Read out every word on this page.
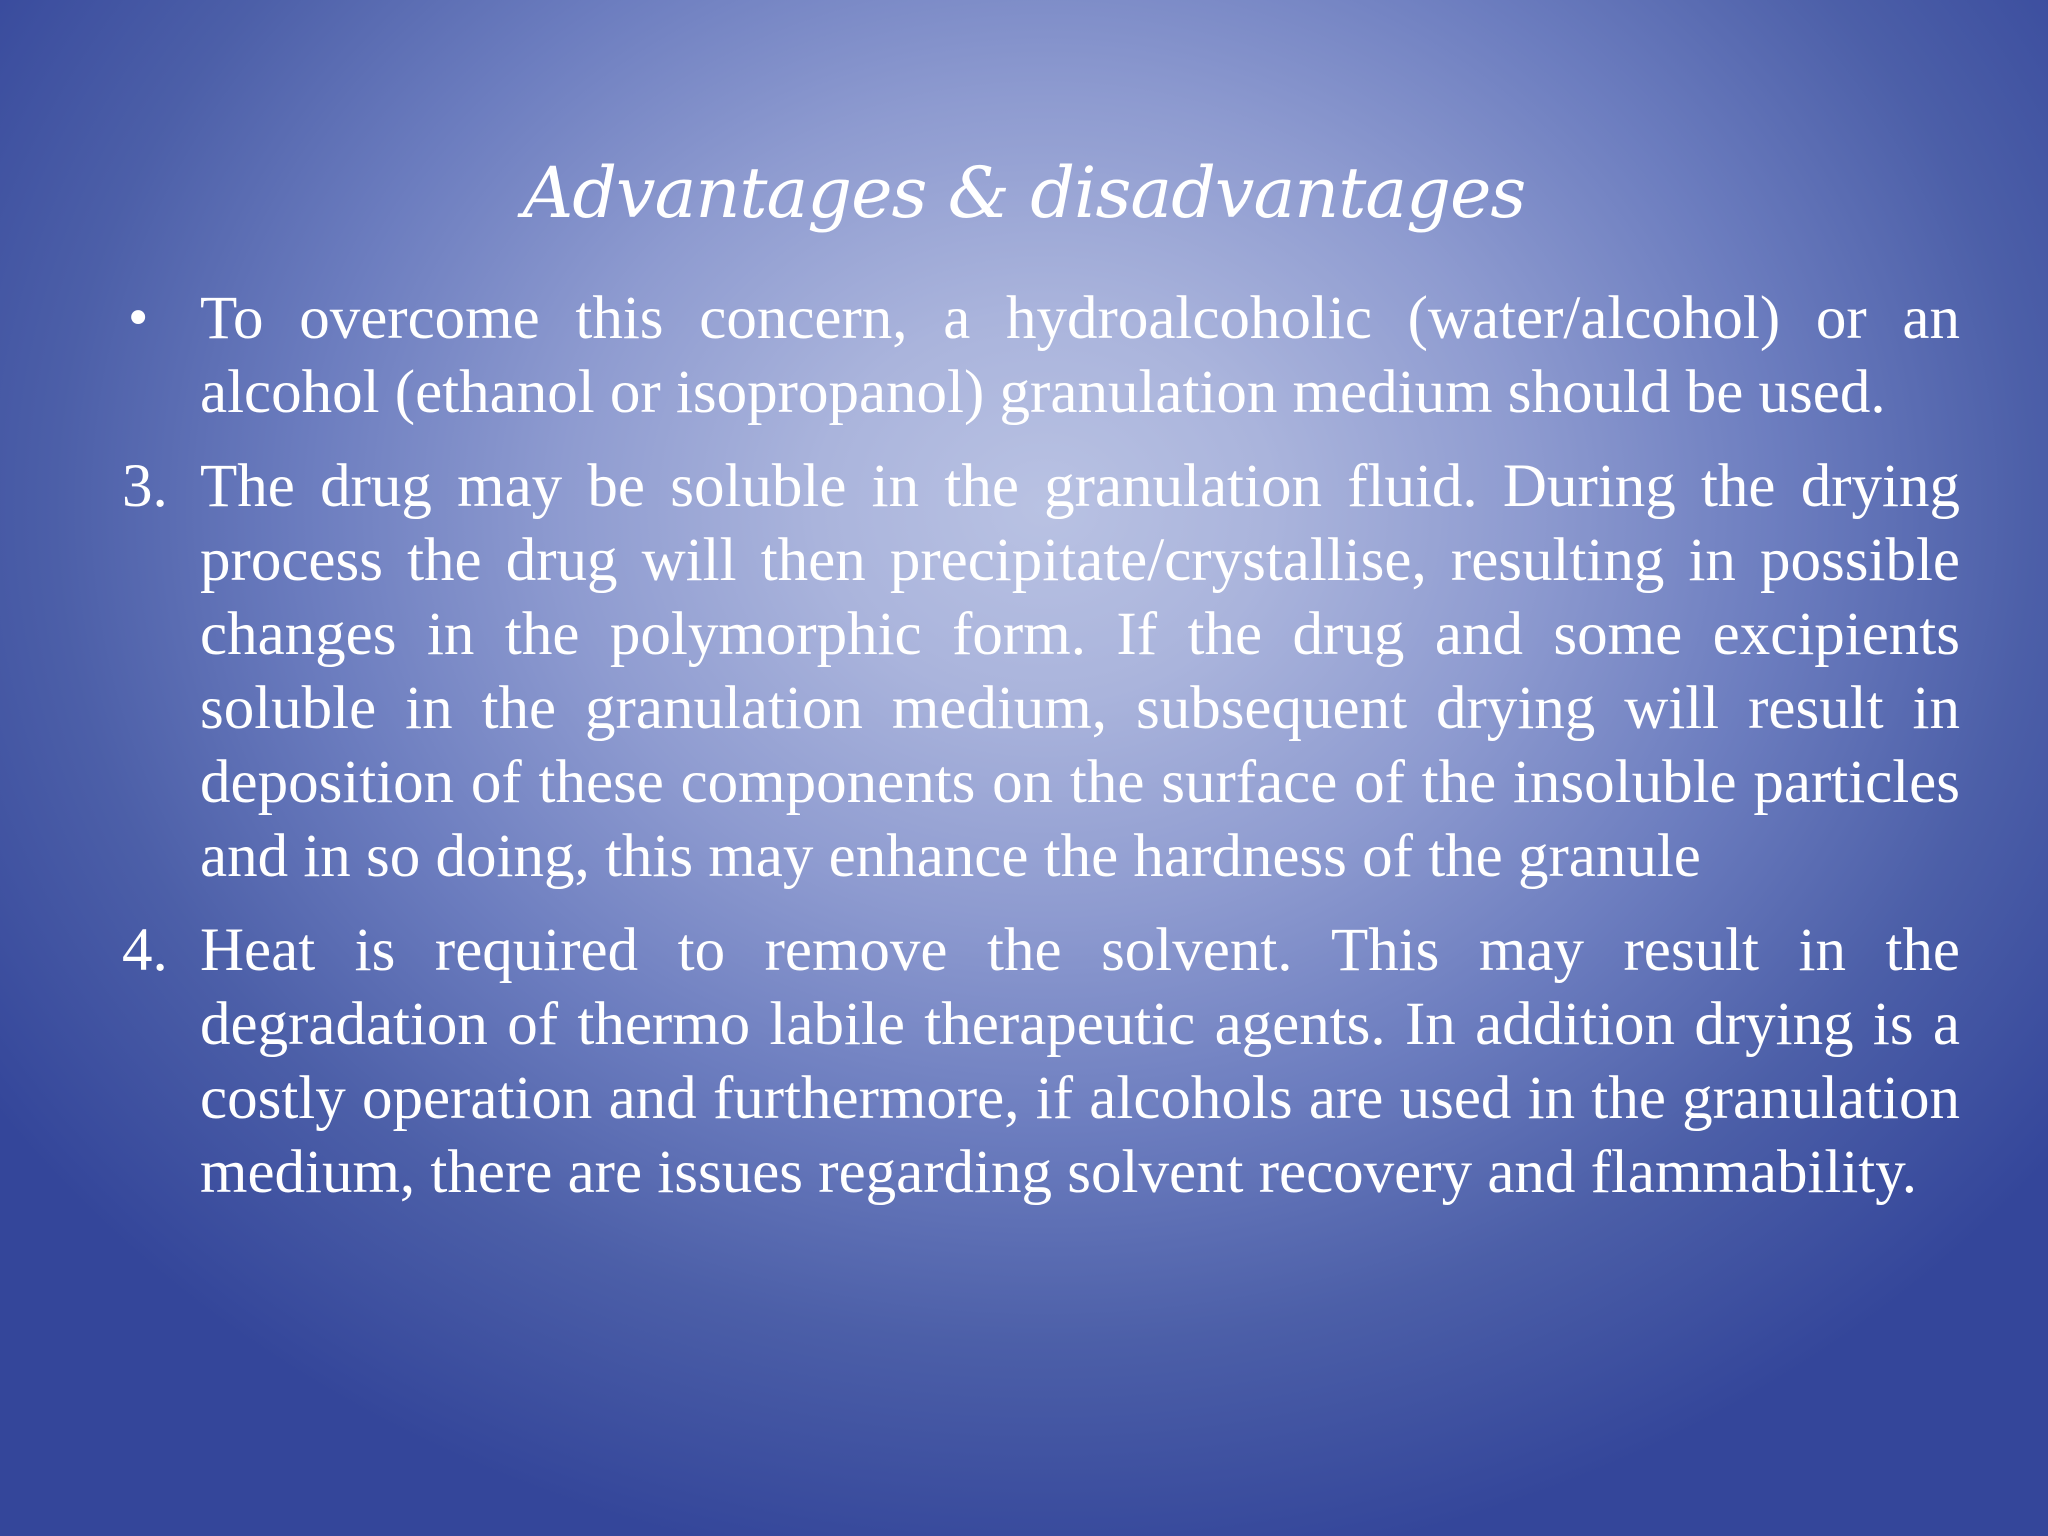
Advantages & disadvantages

• To overcome this concern, a hydroalcoholic (water/alcohol) or an alcohol (ethanol or isopropanol) granulation medium should be used.

3. The drug may be soluble in the granulation fluid. During the drying process the drug will then precipitate/crystallise, resulting in possible changes in the polymorphic form. If the drug and some excipients soluble in the granulation medium, subsequent drying will result in deposition of these components on the surface of the insoluble particles and in so doing, this may enhance the hardness of the granule

4. Heat is required to remove the solvent. This may result in the degradation of thermo labile therapeutic agents. In addition drying is a costly operation and furthermore, if alcohols are used in the granulation medium, there are issues regarding solvent recovery and flammability.
